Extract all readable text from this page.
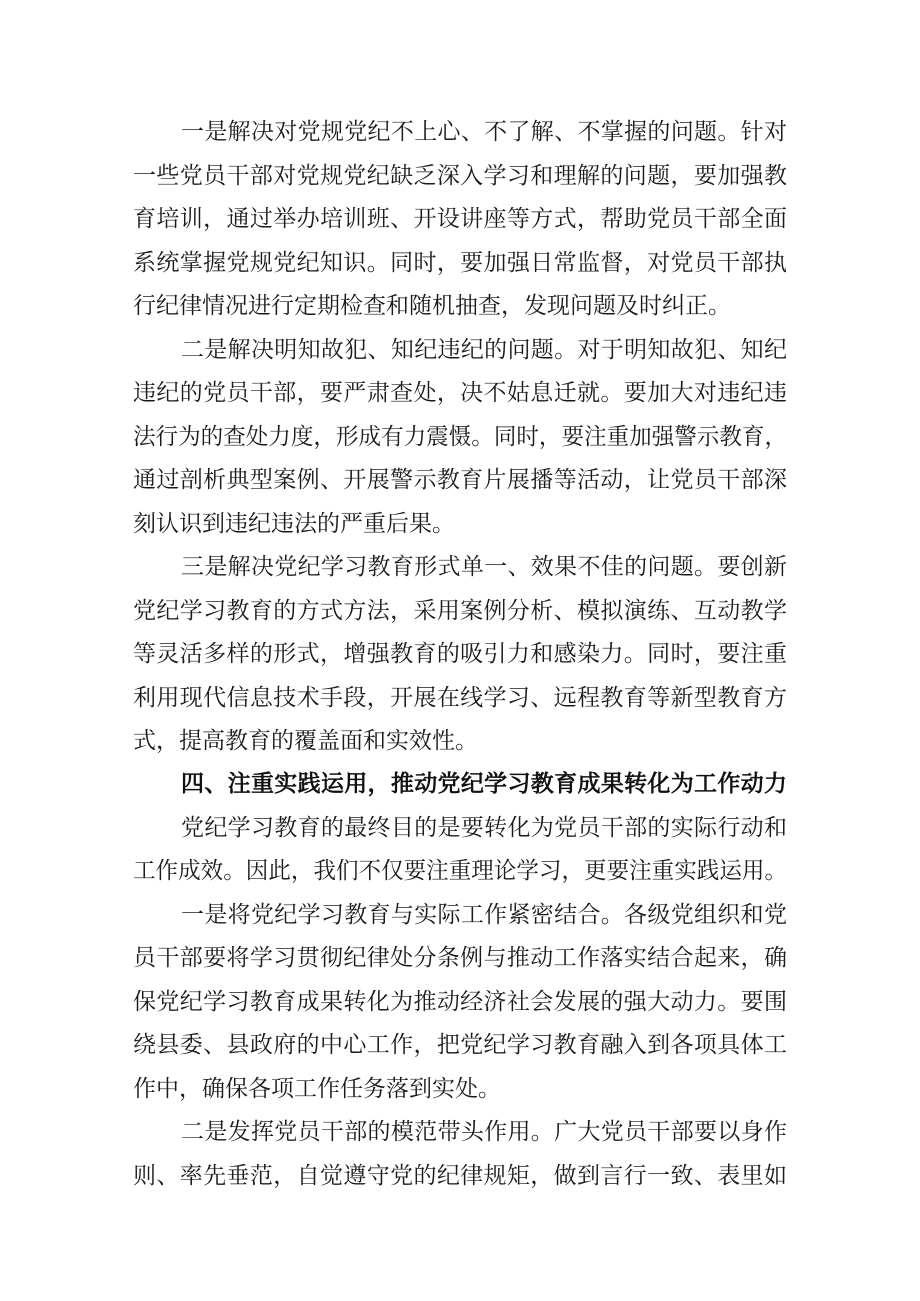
一是解决对党规党纪不上心、不了解、不掌握的问题。针对
一些党员干部对党规党纪缺乏深入学习和理解的问题，要加强教
育培训，通过举办培训班、开设讲座等方式，帮助党员干部全面
系统掌握党规党纪知识。同时，要加强日常监督，对党员干部执
行纪律情况进行定期检查和随机抽查，发现问题及时纠正。
二是解决明知故犯、知纪违纪的问题。对于明知故犯、知纪
违纪的党员干部，要严肃查处，决不姑息迁就。要加大对违纪违
法行为的查处力度，形成有力震慑。同时，要注重加强警示教育，
通过剖析典型案例、开展警示教育片展播等活动，让党员干部深
刻认识到违纪违法的严重后果。
三是解决党纪学习教育形式单一、效果不佳的问题。要创新
党纪学习教育的方式方法，采用案例分析、模拟演练、互动教学
等灵活多样的形式，增强教育的吸引力和感染力。同时，要注重
利用现代信息技术手段，开展在线学习、远程教育等新型教育方
式，提高教育的覆盖面和实效性。
四、注重实践运用，推动党纪学习教育成果转化为工作动力
党纪学习教育的最终目的是要转化为党员干部的实际行动和
工作成效。因此，我们不仅要注重理论学习，更要注重实践运用。
一是将党纪学习教育与实际工作紧密结合。各级党组织和党
员干部要将学习贯彻纪律处分条例与推动工作落实结合起来，确
保党纪学习教育成果转化为推动经济社会发展的强大动力。要围
绕县委、县政府的中心工作，把党纪学习教育融入到各项具体工
作中，确保各项工作任务落到实处。
二是发挥党员干部的模范带头作用。广大党员干部要以身作
则、率先垂范，自觉遵守党的纪律规矩，做到言行一致、表里如
